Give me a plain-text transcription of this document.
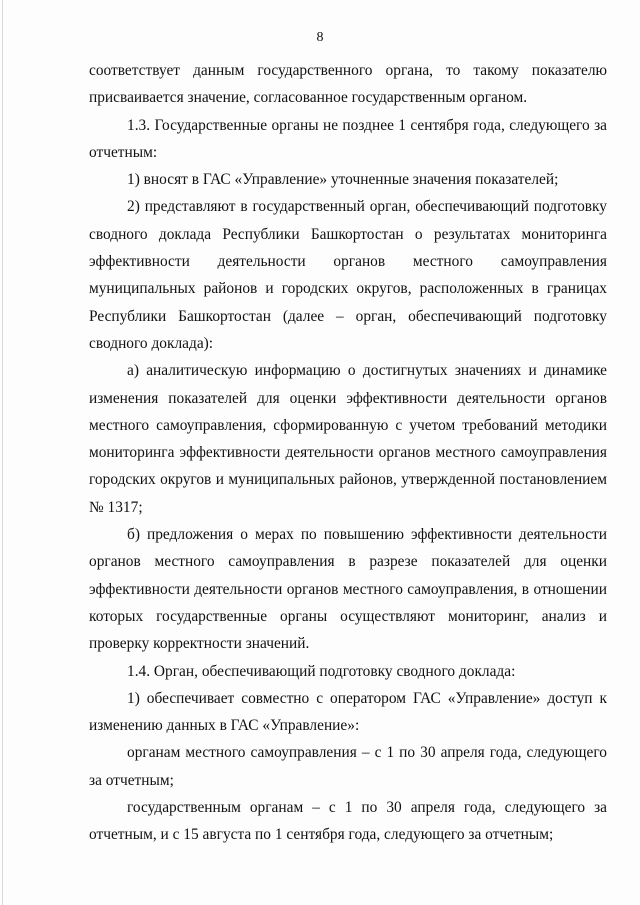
8

соответствует данным государственного органа, то такому показателю присваивается значение, согласованное государственным органом.

1.3. Государственные органы не позднее 1 сентября года, следующего за отчетным:

1) вносят в ГАС «Управление» уточненные значения показателей;

2) представляют в государственный орган, обеспечивающий подготовку сводного доклада Республики Башкортостан о результатах мониторинга эффективности деятельности органов местного самоуправления муниципальных районов и городских округов, расположенных в границах Республики Башкортостан (далее – орган, обеспечивающий подготовку сводного доклада):

а) аналитическую информацию о достигнутых значениях и динамике изменения показателей для оценки эффективности деятельности органов местного самоуправления, сформированную с учетом требований методики мониторинга эффективности деятельности органов местного самоуправления городских округов и муниципальных районов, утвержденной постановлением № 1317;

б) предложения о мерах по повышению эффективности деятельности органов местного самоуправления в разрезе показателей для оценки эффективности деятельности органов местного самоуправления, в отношении которых государственные органы осуществляют мониторинг, анализ и проверку корректности значений.

1.4. Орган, обеспечивающий подготовку сводного доклада:

1) обеспечивает совместно с оператором ГАС «Управление» доступ к изменению данных в ГАС «Управление»:

органам местного самоуправления – с 1 по 30 апреля года, следующего за отчетным;

государственным органам – с 1 по 30 апреля года, следующего за отчетным, и с 15 августа по 1 сентября года, следующего за отчетным;
